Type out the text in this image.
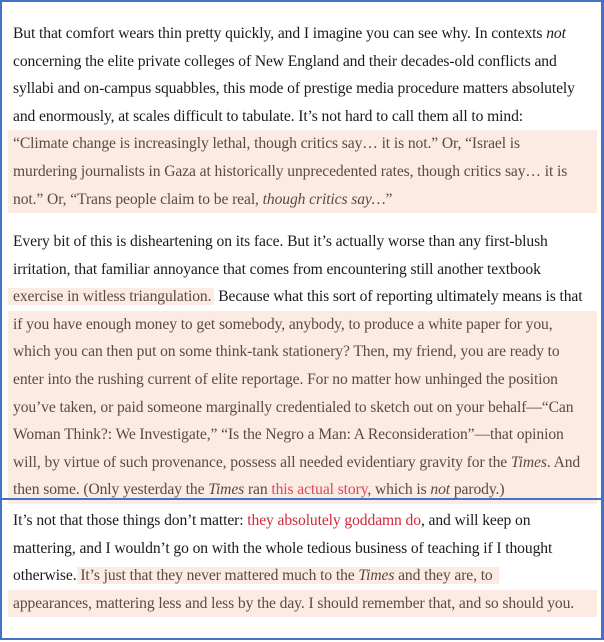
But that comfort wears thin pretty quickly, and I imagine you can see why. In contexts not
concerning the elite private colleges of New England and their decades-old conflicts and
syllabi and on-campus squabbles, this mode of prestige media procedure matters absolutely
and enormously, at scales difficult to tabulate. It’s not hard to call them all to mind:
“Climate change is increasingly lethal, though critics say… it is not.” Or, “Israel is
murdering journalists in Gaza at historically unprecedented rates, though critics say… it is
not.” Or, “Trans people claim to be real, though critics say…”

Every bit of this is disheartening on its face. But it’s actually worse than any first-blush
irritation, that familiar annoyance that comes from encountering still another textbook
exercise in witless triangulation. Because what this sort of reporting ultimately means is that
if you have enough money to get somebody, anybody, to produce a white paper for you,
which you can then put on some think-tank stationery? Then, my friend, you are ready to
enter into the rushing current of elite reportage. For no matter how unhinged the position
you’ve taken, or paid someone marginally credentialed to sketch out on your behalf—“Can
Woman Think?: We Investigate,” “Is the Negro a Man: A Reconsideration”—that opinion
will, by virtue of such provenance, possess all needed evidentiary gravity for the Times. And
then some. (Only yesterday the Times ran this actual story, which is not parody.)

It’s not that those things don’t matter: they absolutely goddamn do, and will keep on
mattering, and I wouldn’t go on with the whole tedious business of teaching if I thought
otherwise. It’s just that they never mattered much to the Times and they are, to
appearances, mattering less and less by the day. I should remember that, and so should you.
